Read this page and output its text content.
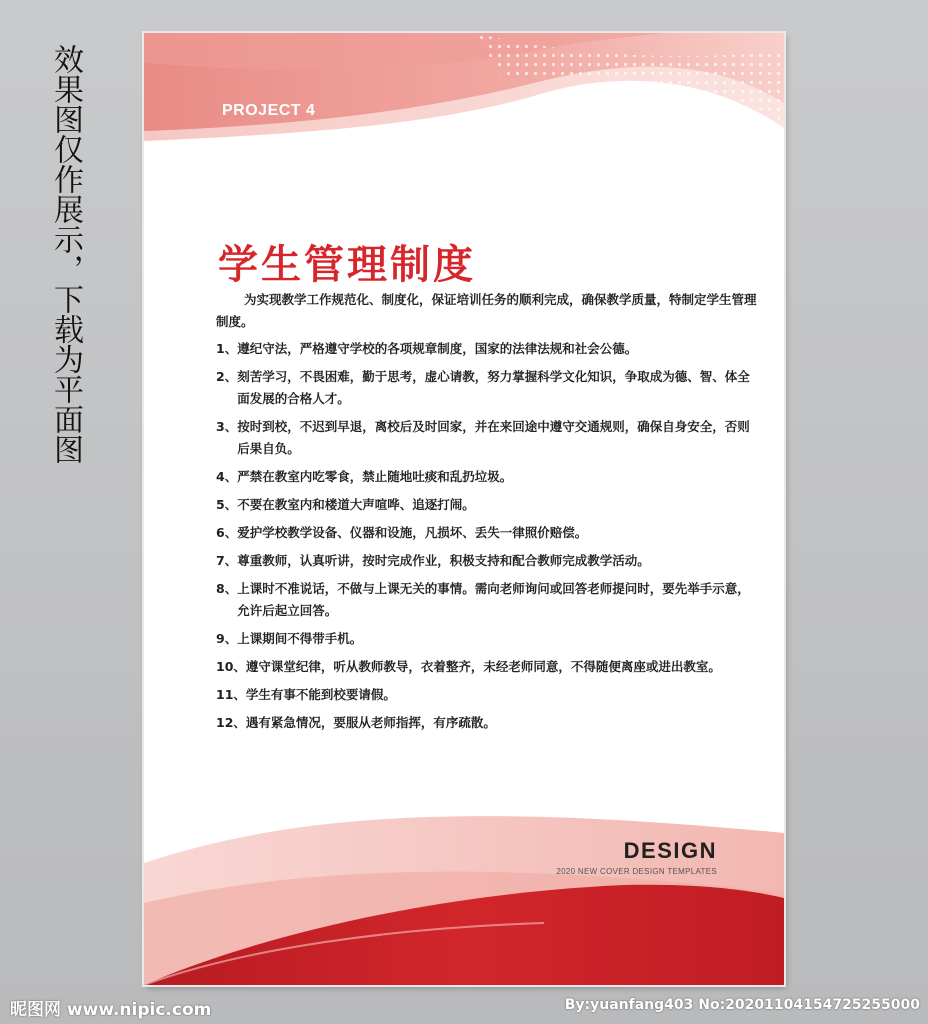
效果图仅作展示，下载为平面图	PROJECT 4
学生管理制度

为实现教学工作规范化、制度化，保证培训任务的顺利完成，确保教学质量，特制定学生管理制度。

1、 遵纪守法，严格遵守学校的各项规章制度，国家的法律法规和社会公德。
2、 刻苦学习，不畏困难，勤于思考，虚心请教，努力掌握科学文化知识，争取成为德、智、体全面发展的合格人才。
3、 按时到校，不迟到早退，离校后及时回家，并在来回途中遵守交通规则，确保自身安全，否则后果自负。
4、 严禁在教室内吃零食，禁止随地吐痰和乱扔垃圾。
5、 不要在教室内和楼道大声喧哗、追逐打闹。
6、 爱护学校教学设备、仪器和设施，凡损坏、丢失一律照价赔偿。
7、 尊重教师，认真听讲，按时完成作业，积极支持和配合教师完成教学活动。
8、 上课时不准说话，不做与上课无关的事情。需向老师询问或回答老师提问时，要先举手示意，允许后起立回答。
9、 上课期间不得带手机。
10、 遵守课堂纪律，听从教师教导，衣着整齐，未经老师同意，不得随便离座或进出教室。
11、 学生有事不能到校要请假。
12、 遇有紧急情况，要服从老师指挥，有序疏散。
DESIGN
2020 NEW COVER DESIGN TEMPLATES
昵图网 www.nipic.com	By:yuanfang403 No:20201104154725255000
